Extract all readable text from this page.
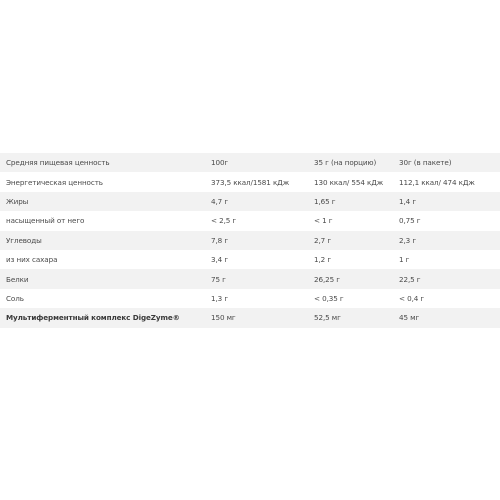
Средняя пищевая ценность	100г	35 г (на порцию)	30г (в пакете)
Энергетическая ценность	373,5 ккал/1581 кДж	130 ккал/ 554 кДж	112,1 ккал/ 474 кДж
Жиры	4,7 г	1,65 г	1,4 г
насыщенный от него	< 2,5 г	< 1 г	0,75 г
Углеводы	7,8 г	2,7 г	2,3 г
из них сахара	3,4 г	1,2 г	1 г
Белки	75 г	26,25 г	22,5 г
Соль	1,3 г	< 0,35 г	< 0,4 г
Мультиферментный комплекс DigeZyme®	150 мг	52,5 мг	45 мг
